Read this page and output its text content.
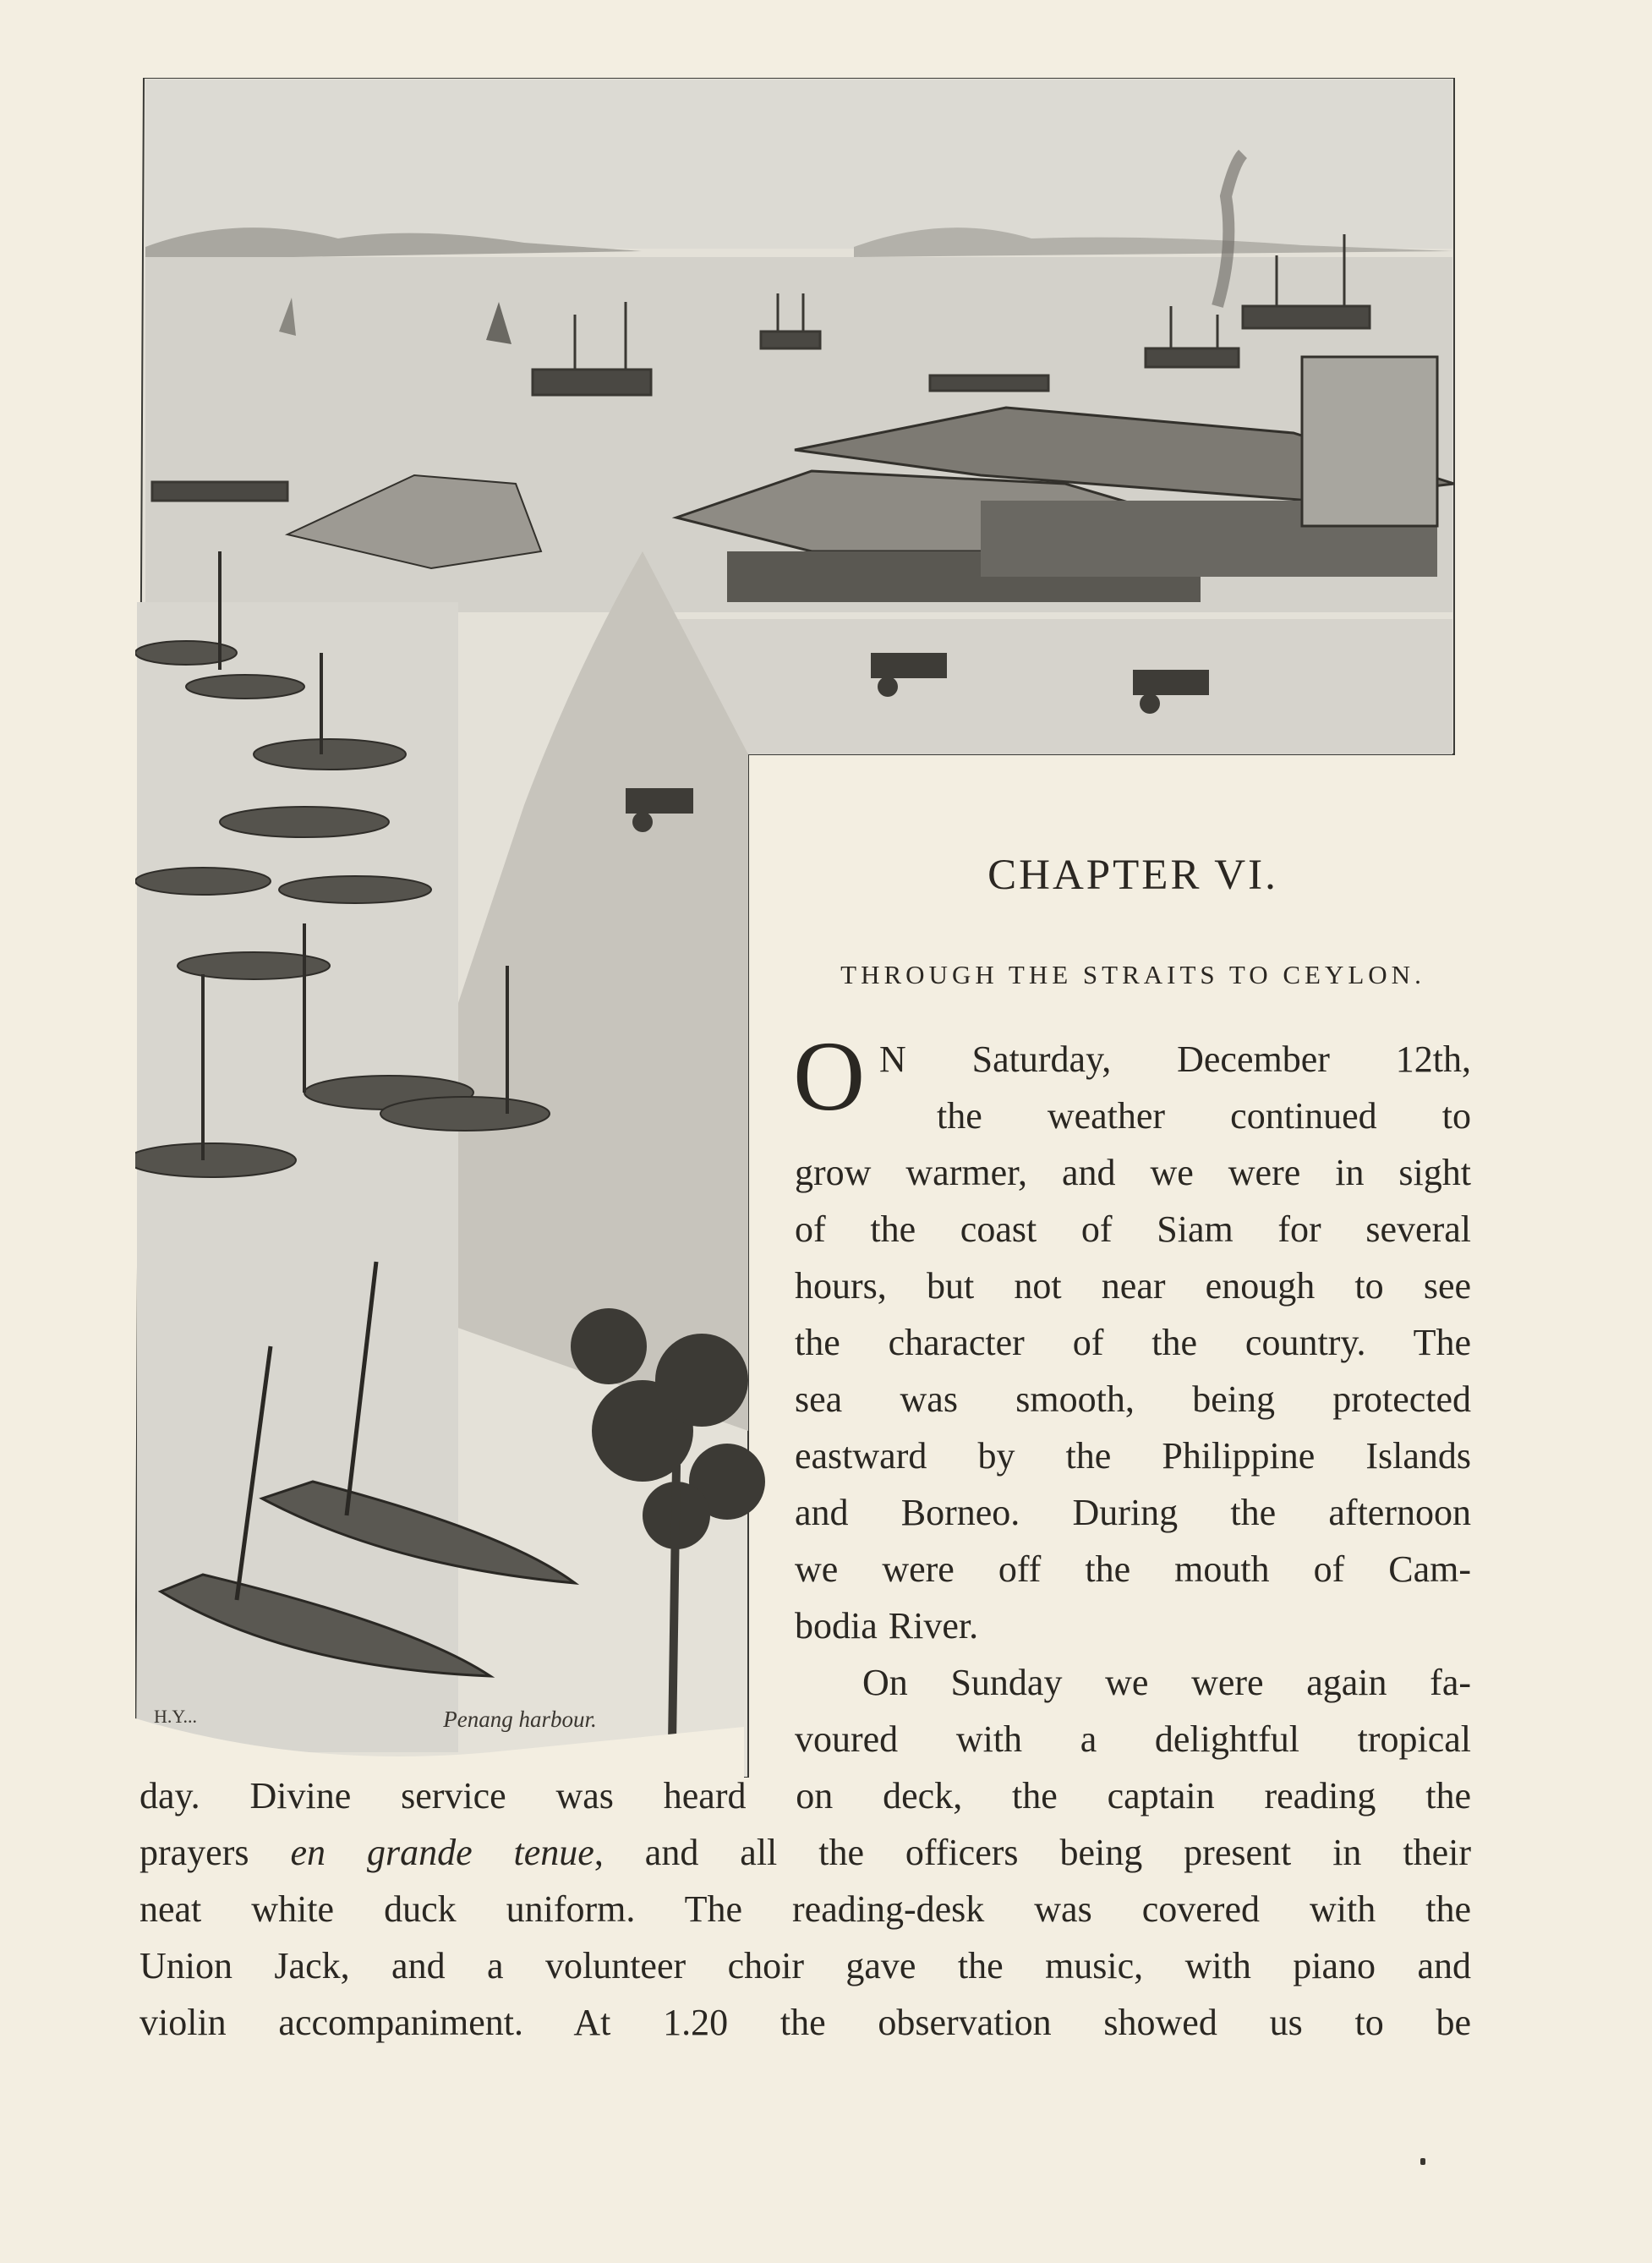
H.Y...	Penang harbour.
CHAPTER VI.
THROUGH THE STRAITS TO CEYLON.
O N Saturday, December 12th,
the weather continued to
grow warmer, and we were in sight
of the coast of Siam for several
hours, but not near enough to see
the character of the country. The
sea was smooth, being protected
eastward by the Philippine Islands
and Borneo. During the afternoon
we were off the mouth of Cam-
bodia River.
On Sunday we were again fa-
voured with a delightful tropical
day. Divine service was heard on deck, the captain reading the
prayers en grande tenue, and all the officers being present in their
neat white duck uniform. The reading-desk was covered with the
Union Jack, and a volunteer choir gave the music, with piano and
violin accompaniment. At 1.20 the observation showed us to be
